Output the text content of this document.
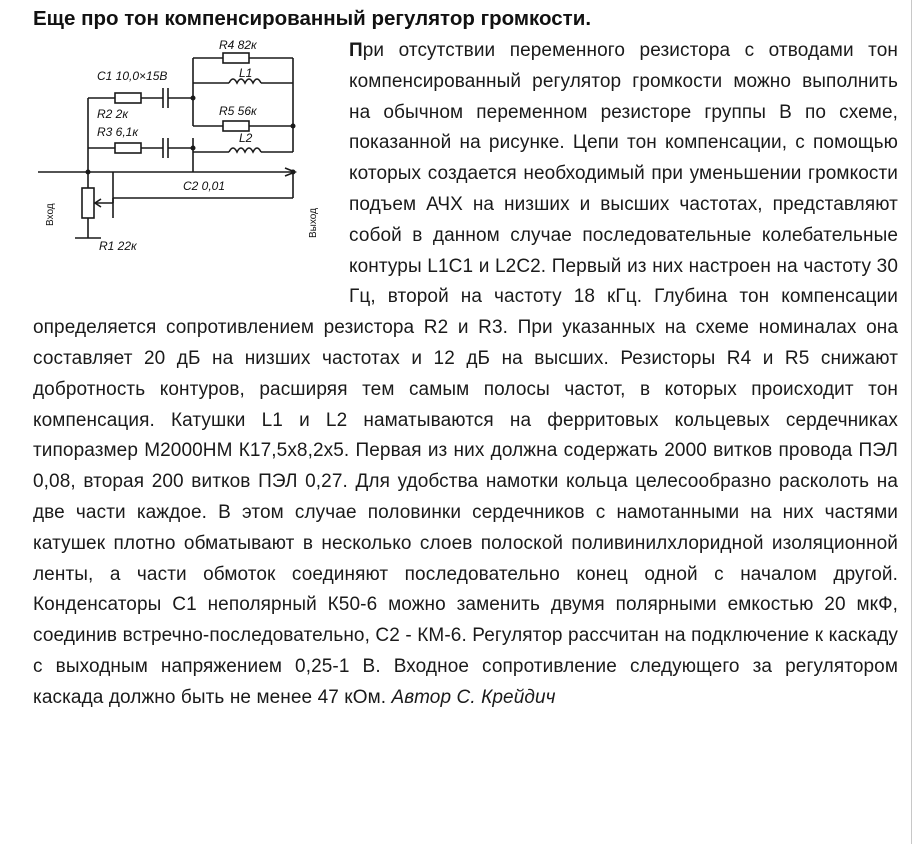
Еще про тон компенсированный регулятор громкости.
R4 82к
C1 10,0×15В	L1
R2 2к	R5 56к
R3 6,1к	L2
C2 0,01
R1 22к
Вход	Выход

При отсутствии переменного резистора с отводами тон компенсированный регулятор громкости можно выполнить на обычном переменном резисторе группы В по схеме, показанной на рисунке. Цепи тон компенсации, с помощью которых создается необходимый при уменьшении громкости подъем АЧХ на низших и высших частотах, представляют собой в данном случае последовательные колебательные контуры L1C1 и L2C2. Первый из них настроен на частоту 30 Гц, второй на частоту 18 кГц. Глубина тон компенсации определяется сопротивлением резистора R2 и R3. При указанных на схеме номиналах она составляет 20 дБ на низших частотах и 12 дБ на высших. Резисторы R4 и R5 снижают добротность контуров, расширяя тем самым полосы частот, в которых происходит тон компенсация. Катушки L1 и L2 наматываются на ферритовых кольцевых сердечниках типоразмер М2000НМ К17,5х8,2х5. Первая из них должна содержать 2000 витков провода ПЭЛ 0,08, вторая 200 витков ПЭЛ 0,27. Для удобства намотки кольца целесообразно расколоть на две части каждое. В этом случае половинки сердечников с намотанными на них частями катушек плотно обматывают в несколько слоев полоской поливинилхлоридной изоляционной ленты, а части обмоток соединяют последовательно конец одной с началом другой. Конденсаторы С1 неполярный К50-6 можно заменить двумя полярными емкостью 20 мкФ, соединив встречно-последовательно, С2 - КМ-6. Регулятор рассчитан на подключение к каскаду с выходным напряжением 0,25-1 В. Входное сопротивление следующего за регулятором каскада должно быть не менее 47 кОм. Автор С. Крейдич
